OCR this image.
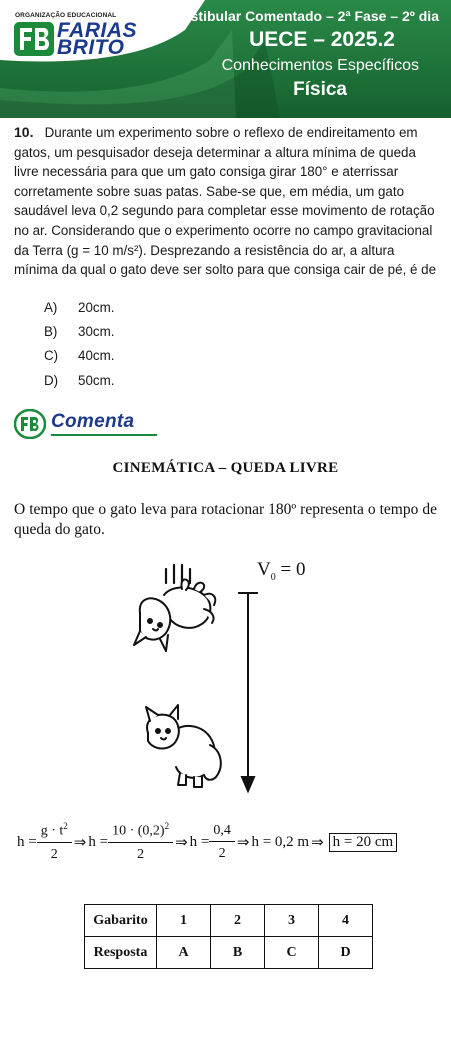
ORGANIZAÇÃO EDUCACIONAL
FARIAS
BRITO
Vestibular Comentado – 2ª Fase – 2º dia
UECE – 2025.2
Conhecimentos Específicos
Física
10. Durante um experimento sobre o reflexo de endireitamento em gatos, um pesquisador deseja determinar a altura mínima de queda livre necessária para que um gato consiga girar 180° e aterrissar corretamente sobre suas patas. Sabe-se que, em média, um gato saudável leva 0,2 segundo para completar esse movimento de rotação no ar. Considerando que o experimento ocorre no campo gravitacional da Terra (g = 10 m/s²). Desprezando a resistência do ar, a altura mínima da qual o gato deve ser solto para que consiga cair de pé, é de
A)	20cm.
B)	30cm.
C)	40cm.
D)	50cm.
Comenta
CINEMÁTICA – QUEDA LIVRE
O tempo que o gato leva para rotacionar 180º representa o tempo de queda do gato.
$V_0 = 0$
$h = \frac{g \cdot t^2}{2}$ ⇒ $h = \frac{10 \cdot (0,2)^2}{2}$ ⇒ $h = \frac{0,4}{2}$ ⇒ h = 0,2 m ⇒ h = 20 cm
Gabarito	1	2	3	4
Resposta	A	B	C	D
